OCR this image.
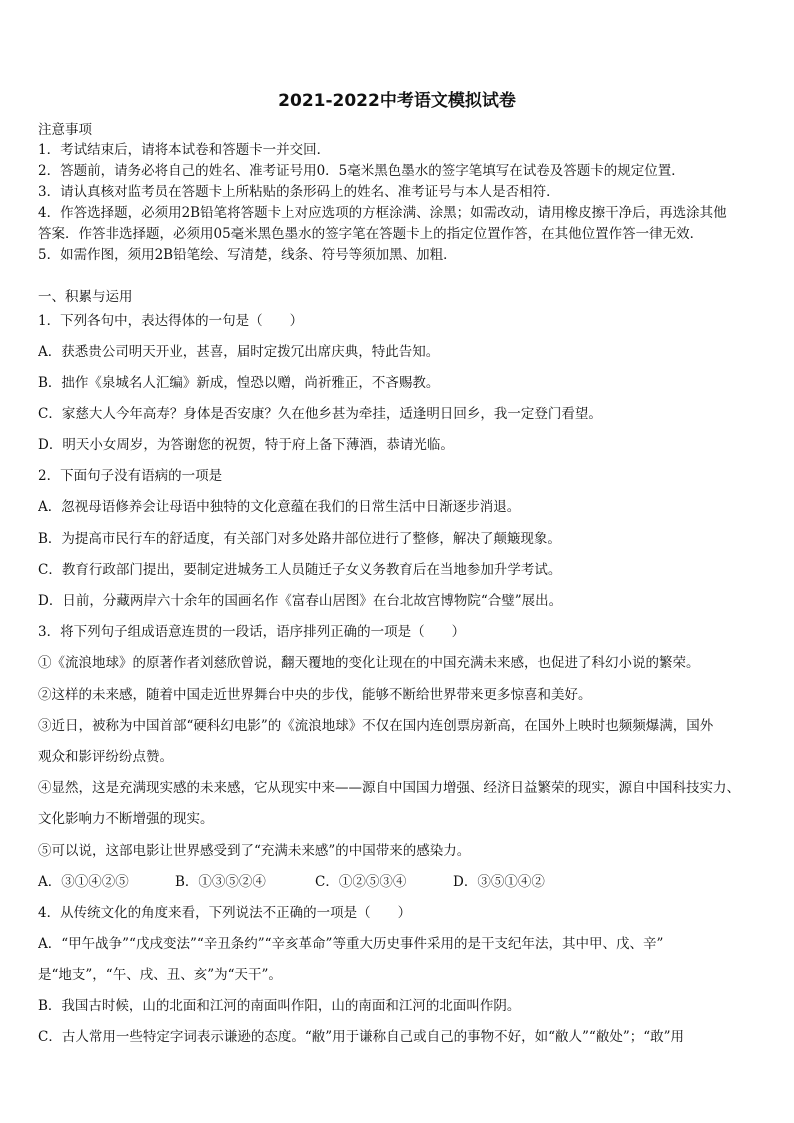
2021-2022中考语文模拟试卷
注意事项
1．考试结束后，请将本试卷和答题卡一并交回．
2．答题前，请务必将自己的姓名、准考证号用0．5毫米黑色墨水的签字笔填写在试卷及答题卡的规定位置．
3．请认真核对监考员在答题卡上所粘贴的条形码上的姓名、准考证号与本人是否相符．
4．作答选择题，必须用2B铅笔将答题卡上对应选项的方框涂满、涂黑；如需改动，请用橡皮擦干净后，再选涂其他
答案．作答非选择题，必须用05毫米黑色墨水的签字笔在答题卡上的指定位置作答，在其他位置作答一律无效．
5．如需作图，须用2B铅笔绘、写清楚，线条、符号等须加黑、加粗．
一、积累与运用
1．下列各句中，表达得体的一句是（　　）
A．获悉贵公司明天开业，甚喜，届时定拨冗出席庆典，特此告知。
B．拙作《泉城名人汇编》新成，惶恐以赠，尚祈雅正，不吝赐教。
C．家慈大人今年高寿？身体是否安康？久在他乡甚为牵挂，适逢明日回乡，我一定登门看望。
D．明天小女周岁，为答谢您的祝贺，特于府上备下薄酒，恭请光临。
2．下面句子没有语病的一项是
A．忽视母语修养会让母语中独特的文化意蕴在我们的日常生活中日渐逐步消退。
B．为提高市民行车的舒适度，有关部门对多处路井部位进行了整修，解决了颠簸现象。
C．教育行政部门提出，要制定进城务工人员随迁子女义务教育后在当地参加升学考试。
D．日前，分藏两岸六十余年的国画名作《富春山居图》在台北故宫博物院“合璧”展出。
3．将下列句子组成语意连贯的一段话，语序排列正确的一项是（　　）
①《流浪地球》的原著作者刘慈欣曾说，翻天覆地的变化让现在的中国充满未来感，也促进了科幻小说的繁荣。
②这样的未来感，随着中国走近世界舞台中央的步伐，能够不断给世界带来更多惊喜和美好。
③近日，被称为中国首部“硬科幻电影”的《流浪地球》不仅在国内连创票房新高，在国外上映时也频频爆满，国外
观众和影评纷纷点赞。
④显然，这是充满现实感的未来感，它从现实中来——源自中国国力增强、经济日益繁荣的现实，源自中国科技实力、
文化影响力不断增强的现实。
⑤可以说，这部电影让世界感受到了“充满未来感”的中国带来的感染力。
A．③①④②⑤	B．①③⑤②④	C．①②⑤③④	D．③⑤①④②
4．从传统文化的角度来看，下列说法不正确的一项是（　　）
A．“甲午战争”“戊戌变法”“辛丑条约”“辛亥革命”等重大历史事件采用的是干支纪年法，其中甲、戊、辛”
是“地支”，“午、戌、丑、亥”为“天干”。
B．我国古时候，山的北面和江河的南面叫作阳，山的南面和江河的北面叫作阴。
C．古人常用一些特定字词表示谦逊的态度。“敝”用于谦称自己或自己的事物不好，如“敝人”“敝处”；“敢”用
